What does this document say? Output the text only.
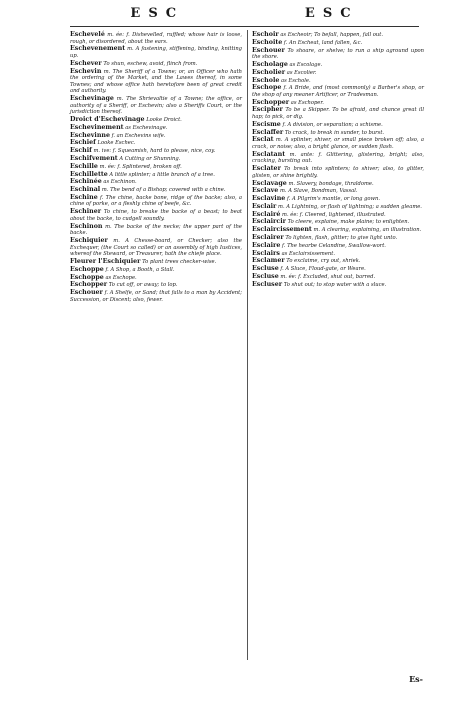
ESC	ESC

Eschevelé m. ée: f. Dishevelled, ruffled; whose hair is loose, rough, or disordered, about the ears.

Eschevenement m. A fastening, stiffening, binding, knitting up.

Eschever To shun, eschew, avoid, flinch from.

Eschevin m. The Sheriff of a Towne; or, an Officer who hath the ordering of the Market, and the Lawes thereof, in some Townes; and whose office hath heretofore been of great credit and authority.

Eschevinage m. The Shrievaltie of a Towne; the office, or authority of a Sheriff, or Eschevin; also a Sheriffs Court, or the jurisdiction thereof.

Droict d'Eschevinage Looke Droict.

Eschevinement as Eschevinage.

Eschevinne f. an Eschevins wife.

Eschief Looke Eschec.

Eschif m. ive: f. Squeamish, hard to please, nice, coy.

Eschifvement A Cutting or Shunning.

Eschille m. ée: f. Splintered, broken off.

Eschillette A little splinter; a little branch of a tree.

Eschinée as Eschinon.

Eschinal m. The bend of a Bishop; covered with a chine.

Eschine f. The chine, backe bone, ridge of the backe; also, a chine of porke, or a fleshly chine of beefe, &c.

Eschiner To chine, to breake the backe of a beast; to beat about the backe, to cudgell soundly.

Eschinon m. The backe of the necke; the upper part of the backe.

Eschiquier m. A Chesse-board, or Checker; also the Exchequer, (the Court so called) or an assembly of high Iustices, whereof the Steward, or Treasurer, hath the chiefe place.

Fleurer l'Eschiquier To plant trees checker-wise.

Eschoppe f. A Shop, a Booth, a Stall.

Eschoppe as Eschope.

Eschopper To cut off, or away; to lop.

Eschouer f. A Shelfe, or Sand; that falls to a man by Accident; Succession, or Discent; also, fewer.

Eschoir as Escheoir; To befall, happen, fall out.

Eschoite f. An Escheat, land fallen, &c.

Eschouer To shoare, or shelve; to run a ship aground upon the shore.

Escholage as Escolage.

Escholier as Escolier.

Eschole as Eschole.

Eschope f. A Bride, and (most commonly) a Barber's shop, or the shop of any meaner Artificer, or Tradesman.

Eschopper as Eschoper.

Escipher To be a Skipper. To be afraid, and chance great ill hap; to pick, or dig.

Escisme f. A division, or separation; a schisme.

Esclaffer To crack, to break in sunder, to burst.

Esclat m. A splinter, shiver, or small piece broken off; also, a crack, or noise; also, a bright glance, or sudden flash.

Esclatant m. ante: f. Glittering, glistering, bright; also, cracking, bursting out.

Esclater To break into splinters; to shiver; also, to glitter, glisten, or shine brightly.

Esclavage m. Slavery, bondage, thraldome.

Esclave m. A Slave, Bondman, Vassal.

Esclavine f. A Pilgrim's mantle, or long gown.

Esclair m. A Lightning, or flash of lightning; a sudden gleame.

Esclairé m. ée: f. Cleered, lightened, illustrated.

Esclaircir To cleere, explaine, make plaine; to enlighten.

Esclaircissement m. A clearing, explaining, an illustration.

Esclairer To lighten, flash, glitter; to give light unto.

Esclaire f. The hearbe Celandine, Swallow-wort.

Esclairs as Esclairsissement.

Esclamer To exclaime, cry out, shriek.

Escluse f. A Sluce, Floud-gate, or Weare.

Escluse m. ée: f. Excluded, shut out, barred.

Escluser To shut out; to stop water with a sluce.

Es-
